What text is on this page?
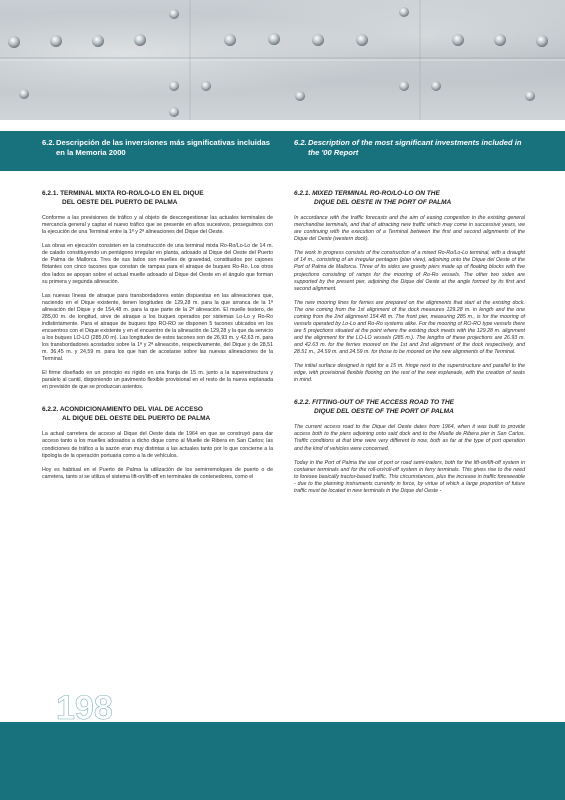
6.2. Descripción de las inversiones más significativas incluidas en la Memoria 2000
6.2. Description of the most significant investments included in the '00 Report
6.2.1. TERMINAL MIXTA RO-RO/LO-LO EN EL DIQUE
DEL OESTE DEL PUERTO DE PALMA

Conforme a las previsiones de tráfico y al objeto de descongestionar las actuales terminales de mercancía general y captar el nuevo tráfico que se presente en años sucesivos, proseguimos con la ejecución de una Terminal entre la 1ª y 2ª alineaciones del Dique del Oeste.

Las obras en ejecución consisten en la construcción de una terminal mixta Ro-Ro/Lo-Lo de 14 m. de calado constituyendo un pentágono irregular en planta, adosado al Dique del Oeste del Puerto de Palma de Mallorca. Tres de sus lados son muelles de gravedad, constituidos por cajones flotantes con cinco tacones que constan de rampas para el atraque de buques Ro-Ro. Los otros dos lados se apoyan sobre el actual muelle adosado al Dique del Oeste en el ángulo que forman su primera y segunda alineación.

Las nuevas líneas de atraque para transbordadores están dispuestas en las alineaciones que, naciendo en el Dique existente, tienen longitudes de 129,28 m. para la que arranca de la 1ª alineación del Dique y de 154,48 m. para la que parte de la 2ª alineación. El muelle testero, de 285,00 m. de longitud, sirve de atraque a los buques operados por sistemas Lo-Lo y Ro-Ro indistintamente. Para el atraque de buques tipo RO-RO se disponen 5 tacones ubicados en los encuentros con el Dique existente y en el encuentro de la alineación de 129,28 y la que da servicio a los buques LO-LO (285,00 m). Las longitudes de estos tacones son de 26,93 m. y 42,63 m. para los transbordadores acostados sobre la 1ª y 2ª alineación, respectivamente, del Dique y de 28,51 m. 36,45 m. y 24,59 m. para los que han de acostarse sobre las nuevas alineaciones de la Terminal.

El firme diseñado en un principio es rígido en una franja de 15 m. junto a la superestructura y paralelo al cantil, disponiendo un pavimento flexible provisional en el resto de la nueva explanada en previsión de que se produzcan asientos.

6.2.2. ACONDICIONAMIENTO DEL VIAL DE ACCESO
AL DIQUE DEL OESTE DEL PUERTO DE PALMA

La actual carretera de acceso al Dique del Oeste data de 1964 en que se construyó para dar acceso tanto a los muelles adosados a dicho dique como al Muelle de Ribera en San Carlos; las condiciones de tráfico a la sazón eran muy distintas a las actuales tanto por lo que concierne a la tipología de la operación portuaria como a la de vehículos.

Hoy es habitual en el Puerto de Palma la utilización de los semirremolques de puerto o de carretera, tanto si se utiliza el sistema lift-on/lift-off en terminales de contenedores, como el

6.2.1. MIXED TERMINAL RO-RO/LO-LO ON THE
DIQUE DEL OESTE IN THE PORT OF PALMA

In accordance with the traffic forecasts and the aim of easing congestion in the existing general merchandise terminals, and that of attracting new traffic which may come in successive years, we are continuing with the execution of a Terminal between the first and second alignments of the Dique del Oeste (western dock).

The work in progress consists of the construction of a mixed Ro-Ro/Lo-Lo terminal, with a draught of 14 m., consisting of an irregular pentagon (plan view), adjoining onto the Dique del Oeste of the Port of Palma de Mallorca. Three of its sides are gravity piers made up of floating blocks with five projections consisting of ramps for the mooring of Ro-Ro vessels. The other two sides are supported by the present pier, adjoining the Dique del Oeste at the angle formed by its first and second alignment.

The new mooring lines for ferries are prepared on the alignments that start at the existing dock. The one coming from the 1st alignment of the dock measures 129.28 m. in length and the one coming from the 2nd alignment 154.48 m. The front pier, measuring 285 m., is for the mooring of vessels operated by Lo-Lo and Ro-Ro systems alike. For the mooring of RO-RO type vessels there are 5 projections situated at the point where the existing dock meets with the 129.28 m. alignment and the alignment for the LO-LO vessels (285 m.). The lengths of these projections are 26.93 m. and 42.63 m. for the ferries moored on the 1st and 2nd alignment of the dock respectively, and 28.51 m., 24.59 m. and 24.59 m. for those to be moored on the new alignments of the Terminal.

The initial surface designed is rigid for a 15 m. fringe next to the superstructure and parallel to the edge, with provisional flexible flooring on the rest of the new esplanade, with the creation of seats in mind.

6.2.2. FITTING-OUT OF THE ACCESS ROAD TO THE
DIQUE DEL OESTE OF THE PORT OF PALMA

The current access road to the Dique del Oeste dates from 1964, when it was built to provide access both to the piers adjoining onto said dock and to the Muelle de Ribera pier in San Carlos. Traffic conditions at that time were very different to now, both as far at the type of port operation and the kind of vehicles were concerned.

Today in the Port of Palma the use of port or road semi-trailers, both for the lift-on/lift-off system in container terminals and for the roll-on/roll-off system in ferry terminals. This gives rise to the need to foresee basically tractor-based traffic. This circumstances, plus the increase in traffic foreseeable - due to the planning instruments currently in force, by virtue of which a large proportion of future traffic must be located in new terminals in the Dique del Oeste -

198
